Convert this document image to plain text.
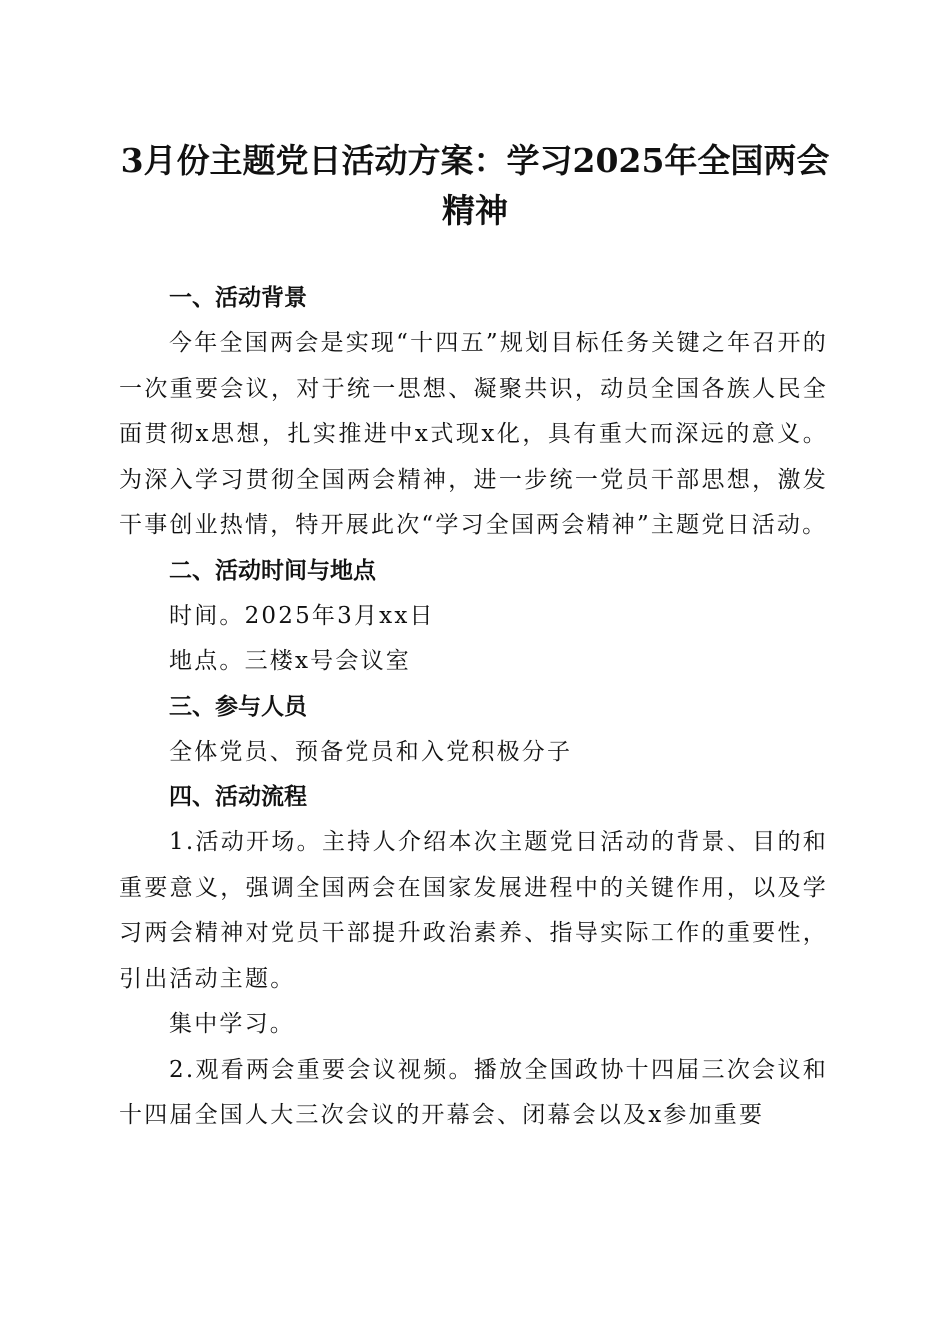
3月份主题党日活动方案：学习2025年全国两会精神
一、活动背景

今年全国两会是实现“十四五”规划目标任务关键之年召开的一次重要会议，对于统一思想、凝聚共识，动员全国各族人民全面贯彻x思想，扎实推进中x式现x化，具有重大而深远的意义。为深入学习贯彻全国两会精神，进一步统一党员干部思想，激发干事创业热情，特开展此次“学习全国两会精神”主题党日活动。

二、活动时间与地点

时间。2025年3月xx日

地点。三楼x号会议室

三、参与人员

全体党员、预备党员和入党积极分子

四、活动流程

1.活动开场。主持人介绍本次主题党日活动的背景、目的和重要意义，强调全国两会在国家发展进程中的关键作用，以及学习两会精神对党员干部提升政治素养、指导实际工作的重要性，引出活动主题。

集中学习。

2.观看两会重要会议视频。播放全国政协十四届三次会议和十四届全国人大三次会议的开幕会、闭幕会以及x参加重要
